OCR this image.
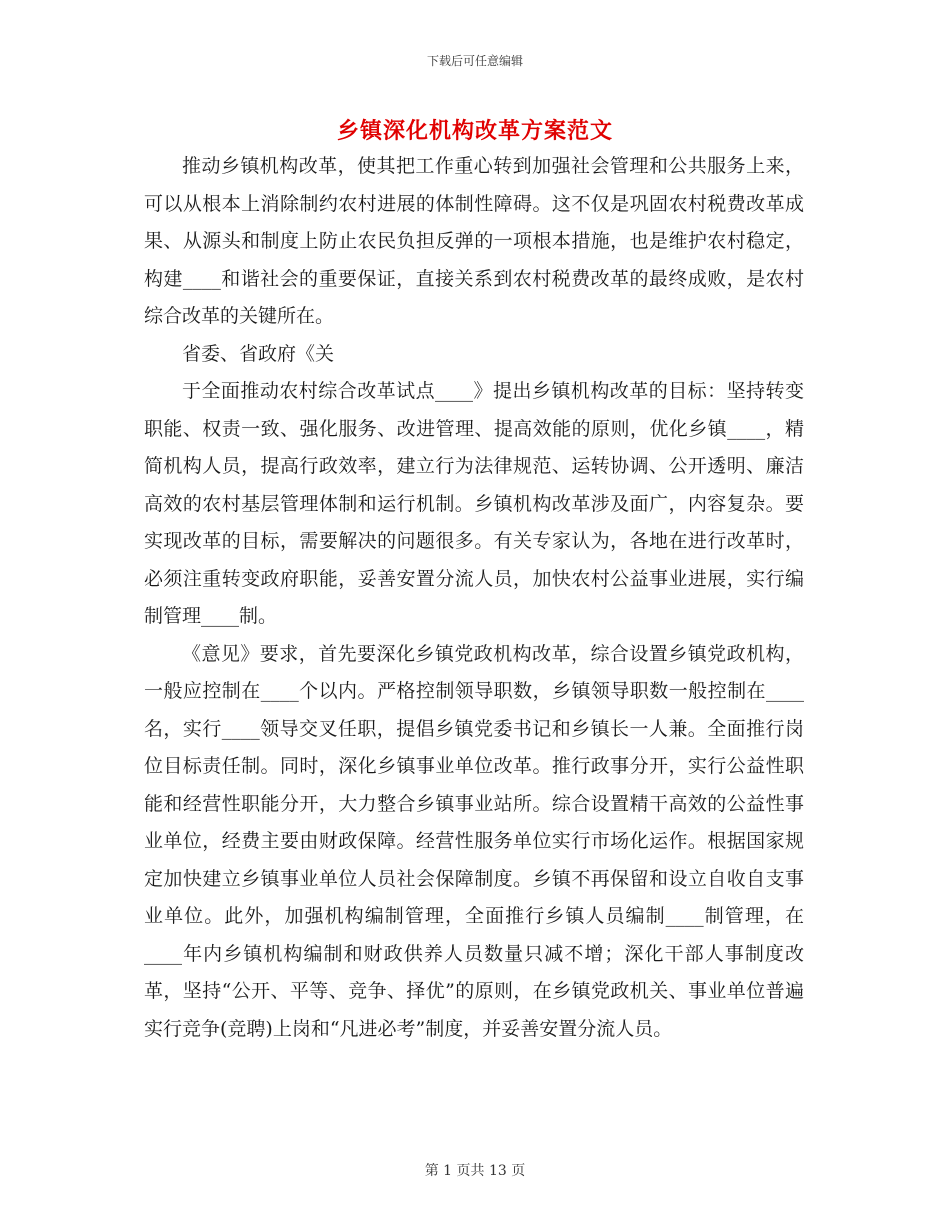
下载后可任意编辑
乡镇深化机构改革方案范文

推动乡镇机构改革，使其把工作重心转到加强社会管理和公共服务上来，可以从根本上消除制约农村进展的体制性障碍。这不仅是巩固农村税费改革成果、从源头和制度上防止农民负担反弹的一项根本措施，也是维护农村稳定，构建____和谐社会的重要保证，直接关系到农村税费改革的最终成败，是农村综合改革的关键所在。

省委、省政府《关

于全面推动农村综合改革试点____》提出乡镇机构改革的目标：坚持转变职能、权责一致、强化服务、改进管理、提高效能的原则，优化乡镇____，精简机构人员，提高行政效率，建立行为法律规范、运转协调、公开透明、廉洁高效的农村基层管理体制和运行机制。乡镇机构改革涉及面广，内容复杂。要实现改革的目标，需要解决的问题很多。有关专家认为，各地在进行改革时，必须注重转变政府职能，妥善安置分流人员，加快农村公益事业进展，实行编制管理____制。

《意见》要求，首先要深化乡镇党政机构改革，综合设置乡镇党政机构，一般应控制在____个以内。严格控制领导职数，乡镇领导职数一般控制在____名，实行____领导交叉任职，提倡乡镇党委书记和乡镇长一人兼。全面推行岗位目标责任制。同时，深化乡镇事业单位改革。推行政事分开，实行公益性职能和经营性职能分开，大力整合乡镇事业站所。综合设置精干高效的公益性事业单位，经费主要由财政保障。经营性服务单位实行市场化运作。根据国家规定加快建立乡镇事业单位人员社会保障制度。乡镇不再保留和设立自收自支事业单位。此外，加强机构编制管理，全面推行乡镇人员编制____制管理，在____年内乡镇机构编制和财政供养人员数量只减不增；深化干部人事制度改革，坚持“公开、平等、竞争、择优”的原则，在乡镇党政机关、事业单位普遍实行竞争(竞聘)上岗和“凡进必考”制度，并妥善安置分流人员。

第 1 页共 13 页
